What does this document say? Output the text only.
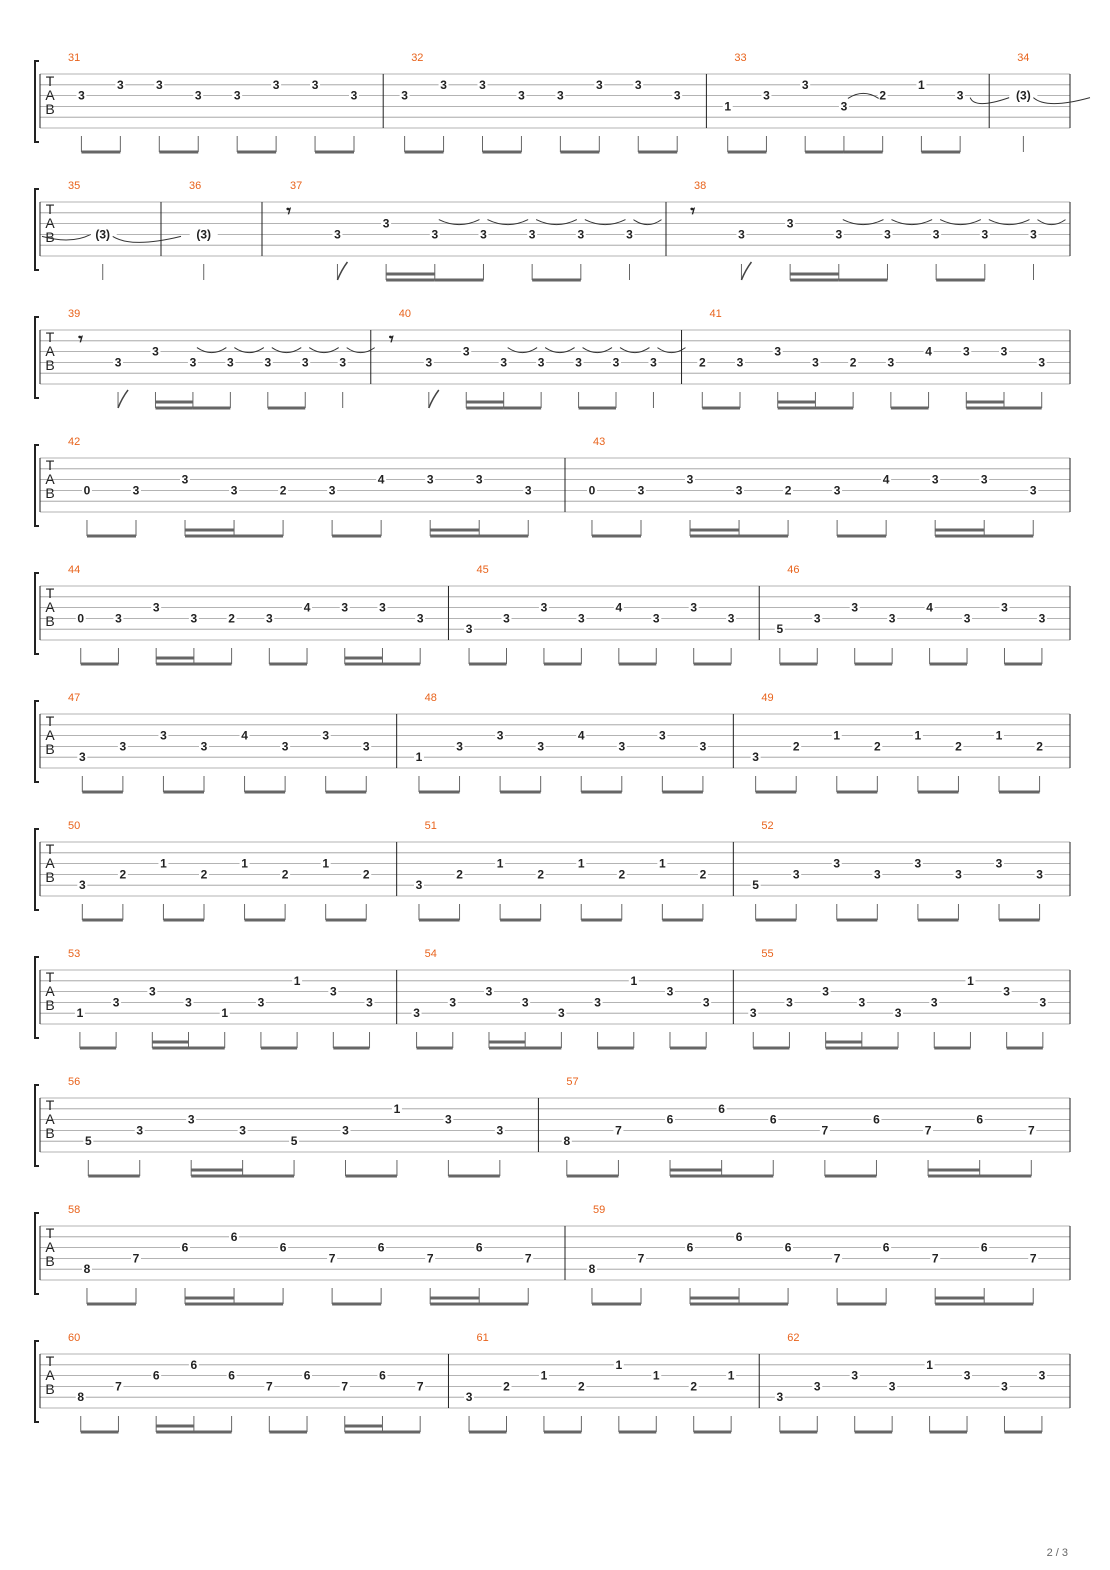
T
A
B
31
3
3	3
3	3
3	3
3
32
3
3	3
3	3
3	3
3
33
1
3
3
3
2
1
3
34
(3)
T
A
B
35
(3)
36
(3)
37
𝄾
3
3
3	3	3	3	3
38
𝄾
3
3
3	3	3	3	3
T
A
B
39
𝄾
3
3
3	3	3	3	3
40
𝄾
3
3
3	3	3	3	3
41
2	3
3
3	2	3
4	3	3
3
T
A
B
42
0	3
3
3	2	3
4	3	3
3
43
0	3
3
3	2	3
4	3	3
3
T
A
B
44
0	3
3
3	2	3
4	3	3
3
45
3
3
3
3
4
3
3
3
46
5
3
3
3
4
3
3
3
T
A
B
47
3
3
3
3
4
3
3
3
48
1
3
3
3
4
3
3
3
49
3
2
1
2
1
2
1
2
T
A
B
50
3
2
1
2
1
2
1
2
51
3
2
1
2
1
2
1
2
52
5
3
3
3
3
3
3
3
T
A
B
53
1
3
3
3
1
3
1
3
3
54
3
3
3
3
3
3
1
3
3
55
3
3
3
3
3
3
1
3
3
T
A
B
56
5
3
3
3
5
3
1
3
3
57
8
7
6
6
6
7
6
7
6
7
T
A
B
58
8
7
6
6
6
7
6
7
6
7
59
8
7
6
6
6
7
6
7
6
7
T
A
B
60
8
7
6
6
6
7
6
7
6
7
61
3
2
1
2
1
1
2
1
62
3
3
3
3
1
3
3
3
2 / 3
